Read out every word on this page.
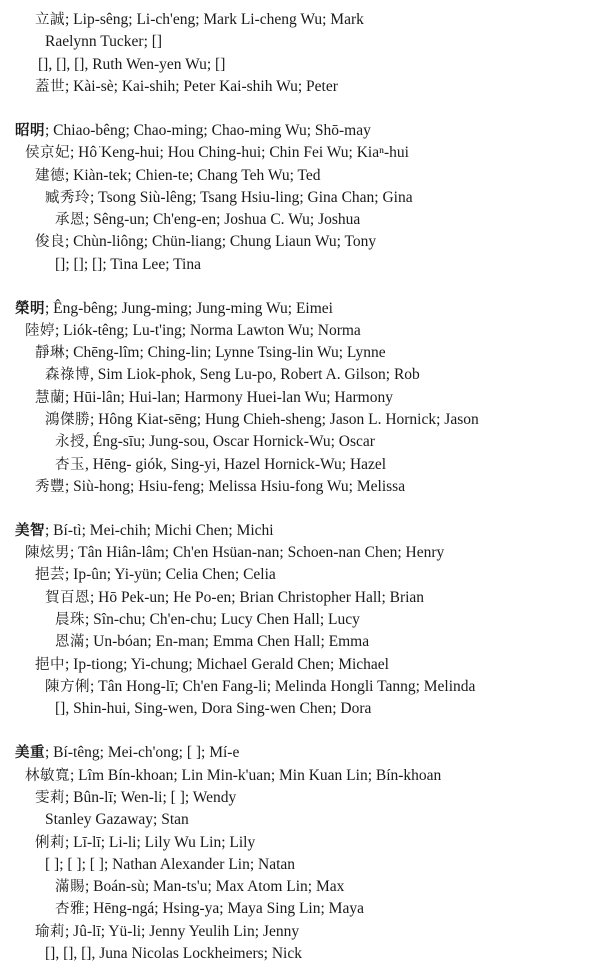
立誠; Lip-sêng; Li-ch'eng; Mark Li-cheng Wu; Mark
Raelynn Tucker; []
[], [], [], Ruth Wen-yen Wu; []
蓋世; Kài-sè; Kai-shih; Peter Kai-shih Wu; Peter
昭明; Chiao-bêng; Chao-ming; Chao-ming Wu; Shō-may
侯京妃; Hô͘ Keng-hui; Hou Ching-hui; Chin Fei Wu; Kiaⁿ-hui
建德; Kiàn-tek; Chien-te; Chang Teh Wu; Ted
臧秀玲; Tsong Siù-lêng; Tsang Hsiu-ling; Gina Chan; Gina
承恩; Sêng-un; Ch'eng-en; Joshua C. Wu; Joshua
俊良; Chùn-liông; Chün-liang; Chung Liaun Wu; Tony
[]; []; []; Tina Lee; Tina
榮明; Êng-bêng; Jung-ming; Jung-ming Wu; Eimei
陸婷; Liók-têng; Lu-t'ing; Norma Lawton Wu; Norma
靜琳; Chēng-lîm; Ching-lin; Lynne Tsing-lin Wu; Lynne
森祿博, Sim Liok-phok, Seng Lu-po, Robert A. Gilson; Rob
慧蘭; Hūi-lân; Hui-lan; Harmony Huei-lan Wu; Harmony
鴻傑勝; Hông Kiat-sēng; Hung Chieh-sheng; Jason L. Hornick; Jason
永授, Éng-sīu; Jung-sou, Oscar Hornick-Wu; Oscar
杏玉, Hēng- giók, Sing-yi, Hazel Hornick-Wu; Hazel
秀豐; Siù-hong; Hsiu-feng; Melissa Hsiu-fong Wu; Melissa
美智; Bí-tì; Mei-chih; Michi Chen; Michi
陳炫男; Tân Hiân-lâm; Ch'en Hsüan-nan; Schoen-nan Chen; Henry
挹芸; Ip-ûn; Yi-yün; Celia Chen; Celia
賀百恩; Hō Pek-un; He Po-en; Brian Christopher Hall; Brian
晨珠; Sîn-chu; Ch'en-chu; Lucy Chen Hall; Lucy
恩滿; Un-bóan; En-man; Emma Chen Hall; Emma
挹中; Ip-tiong; Yi-chung; Michael Gerald Chen; Michael
陳方俐; Tân Hong-lī; Ch'en Fang-li; Melinda Hongli Tanng; Melinda
[], Shin-hui, Sing-wen, Dora Sing-wen Chen; Dora
美重; Bí-têng; Mei-ch'ong; [ ]; Mí-e
林敏寬; Lîm Bín-khoan; Lin Min-k'uan; Min Kuan Lin; Bín-khoan
雯莉; Bûn-lī; Wen-li; [ ]; Wendy
Stanley Gazaway; Stan
俐莉; Lī-lī; Li-li; Lily Wu Lin; Lily
[ ]; [ ]; [ ]; Nathan Alexander Lin; Natan
滿賜; Boán-sù; Man-ts'u; Max Atom Lin; Max
杏雅; Hēng-ngá; Hsing-ya; Maya Sing Lin; Maya
瑜莉; Jû-lī; Yü-li; Jenny Yeulih Lin; Jenny
[], [], [], Juna Nicolas Lockheimers; Nick
